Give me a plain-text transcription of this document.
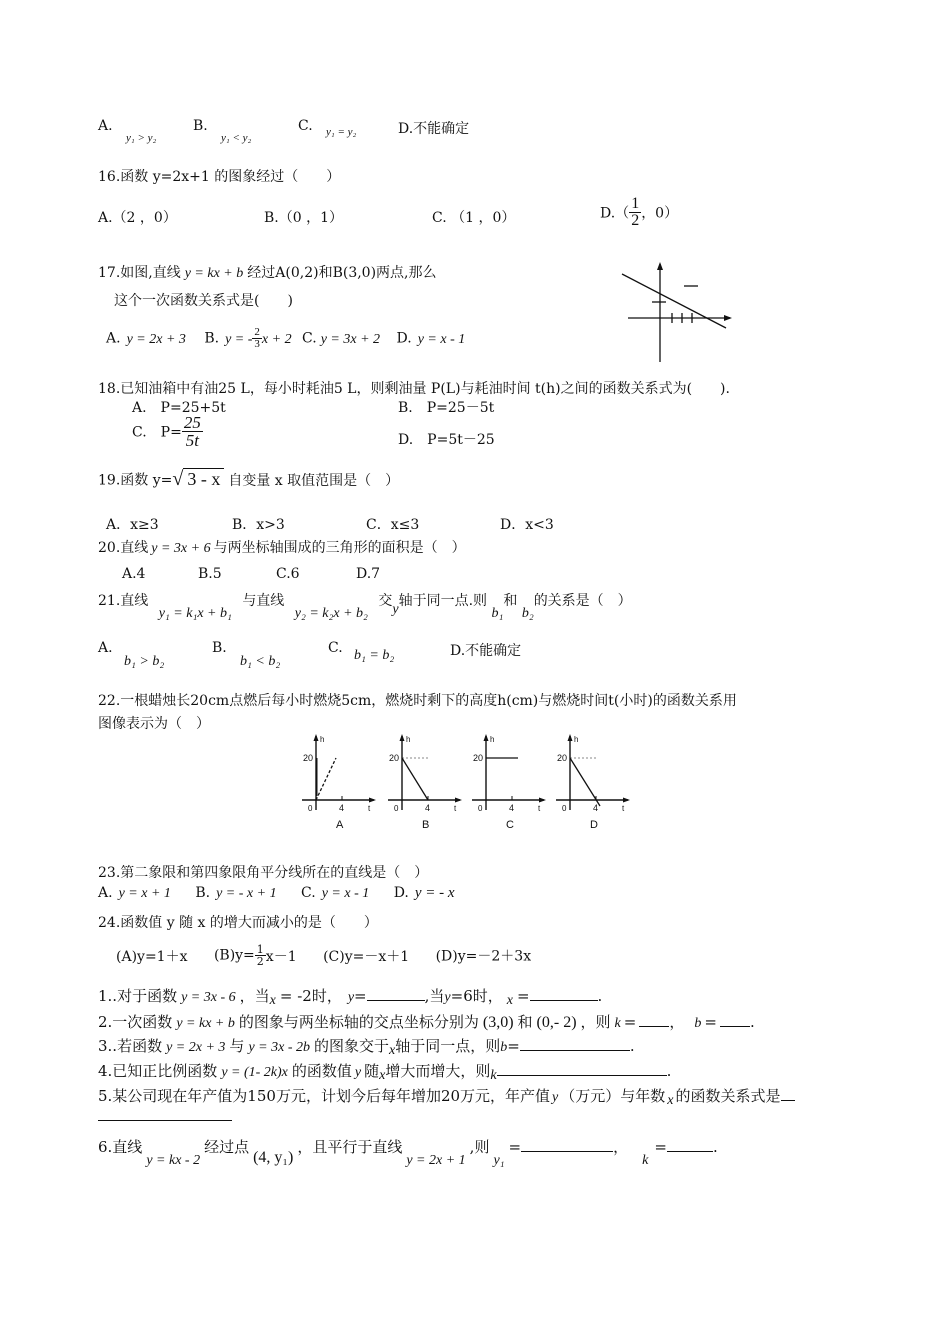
A.
y₁ > y₂
B.
y₁ < y₂
C. y₁ = y₂	D.不能确定
16.函数 y=2x+1 的图象经过（　　）
A.（2 ，0）	B.（0 ，1）	C. （1 ，0）	$D.( \frac{1}{2}$ ，0）
17.如图,直线 y = kx + b 经过A(0,2)和B(3,0)两点,那么
这个一次函数关系式是(　　)
A. y = 2x + 3 B. y = - $\frac{2}{3}$ x + 2 C. y = 3x + 2 D. y = x - 1
18.已知油箱中有油25 L，每小时耗油5 L，则剩油量 P(L)与耗油时间 t(h)之间的函数关系式为(　　).
A.　P=25+5t	B.　P=25－5t
C.　$P= \frac{25}{5t}$	D.　P=5t－25
19.函数 y=√ 3 - x 自变量 x 取值范围是（　）
A．x≥3	B．x>3	C．x≤3	D．x<3
20.直线 y = 3x + 6 与两坐标轴围成的三角形的面积是（　）
A.4	B.5	C.6	D.7
21.直线 y₁ = k₁x + b₁ 与直线 y₂ = k₂x + b₂ 交y轴于同一点.则 b₁和 b₂的关系是（　）
A.
b₁ > b₂
B.
b₁ < b₂
C. b₁ = b₂	D.不能确定
22.一根蜡烛长20cm点燃后每小时燃烧5cm，燃烧时剩下的高度h(cm)与燃烧时间t(小时)的函数关系用
图像表示为（　）
h
20
4	t
0
A
h
20
4	t
0
B
h
20
4	t
0
C
h
20
4	t
0
D
23.第二象限和第四象限角平分线所在的直线是（　）
A. y = x + 1 B. y = - x + 1 C. y = x - 1 D. y = - x
24.函数值 y 随 x 的增大而减小的是（　　）
(A)y=1＋x $(B)y= \frac{1}{2} x-1$ (C)y=－x＋1 (D)y=－2＋3x
1..对于函数 y = 3x - 6 ，当x = -2时， y=	,当y=6时， x =	.
2.一次函数 y = kx + b 的图象与两坐标轴的交点坐标分别为 (3,0) 和 (0,- 2) ，则 k = ， b = .
3..若函数 y = 2x + 3 与 y = 3x - 2b 的图象交于x轴于同一点，则b=	.
4.已知正比例函数 y = (1- 2k)x 的函数值 y 随x增大而增大，则k	.
5.某公司现在年产值为150万元，计划今后每年增加20万元，年产值 y （万元）与年数 x 的函数关系式是
6.直线y = kx - 2经过点(4, y₁)，且平行于直线y = 2x + 1,则y₁=	，k=	.
